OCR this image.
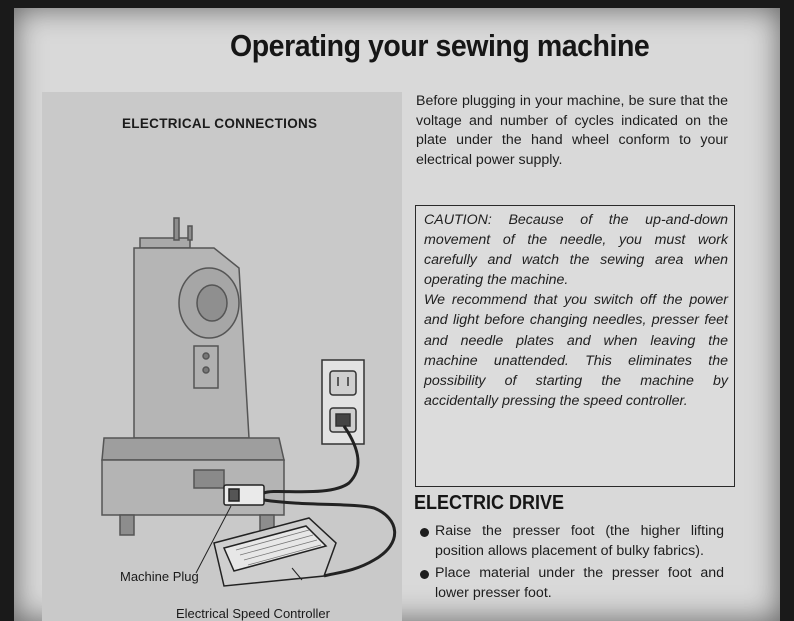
Operating your sewing machine
ELECTRICAL CONNECTIONS
Machine Plug
Electrical Speed Controller
Before plugging in your machine, be sure that the voltage and number of cycles indicated on the plate under the hand wheel conform to your electrical power supply.

CAUTION: Because of the up-and-down movement of the needle, you must work carefully and watch the sewing area when operating the machine.

We recommend that you switch off the power and light before changing needles, presser feet and needle plates and when leaving the machine unattended. This eliminates the possibility of starting the machine by accidentally pressing the speed controller.

ELECTRIC DRIVE
Raise the presser foot (the higher lifting position allows placement of bulky fabrics).
Place material under the presser foot and lower presser foot.
